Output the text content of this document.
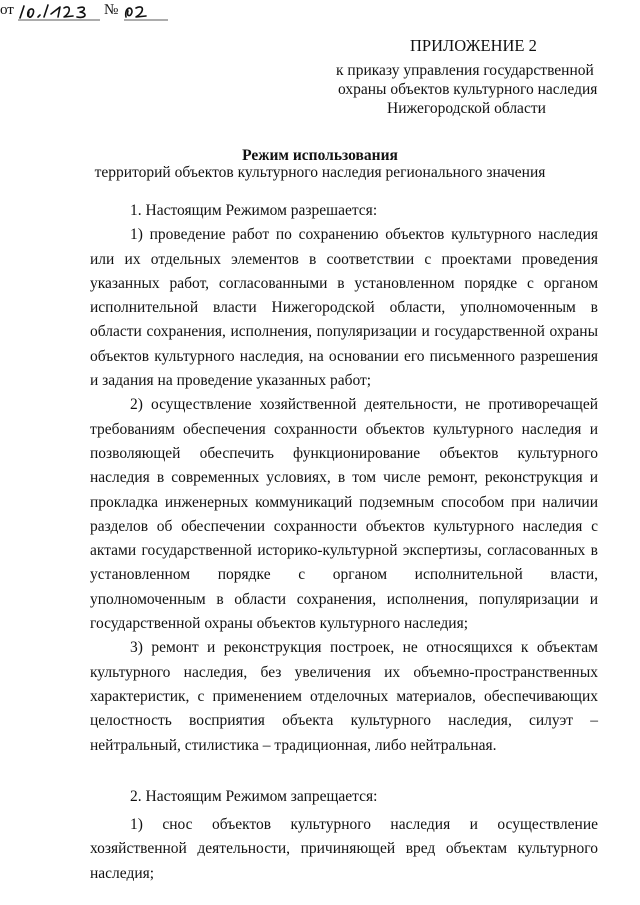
ПРИЛОЖЕНИЕ 2
к приказу управления государственной
охраны объектов культурного наследия
Нижегородской области
от	№
Режим использования
территорий объектов культурного наследия регионального значения

1. Настоящим Режимом разрешается:

1) проведение работ по сохранению объектов культурного наследия или их отдельных элементов в соответствии с проектами проведения указанных работ, согласованными в установленном порядке с органом исполнительной власти Нижегородской области, уполномоченным в области сохранения, исполнения, популяризации и государственной охраны объектов культурного наследия, на основании его письменного разрешения и задания на проведение указанных работ;

2) осуществление хозяйственной деятельности, не противоречащей требованиям обеспечения сохранности объектов культурного наследия и позволяющей обеспечить функционирование объектов культурного наследия в современных условиях, в том числе ремонт, реконструкция и прокладка инженерных коммуникаций подземным способом при наличии разделов об обеспечении сохранности объектов культурного наследия с актами государственной историко-культурной экспертизы, согласованных в установленном порядке с органом исполнительной власти, уполномоченным в области сохранения, исполнения, популяризации и государственной охраны объектов культурного наследия;

3) ремонт и реконструкция построек, не относящихся к объектам культурного наследия, без увеличения их объемно-пространственных характеристик, с применением отделочных материалов, обеспечивающих целостность восприятия объекта культурного наследия, силуэт – нейтральный, стилистика – традиционная, либо нейтральная.

2. Настоящим Режимом запрещается:

1) снос объектов культурного наследия и осуществление хозяйственной деятельности, причиняющей вред объектам культурного наследия;
